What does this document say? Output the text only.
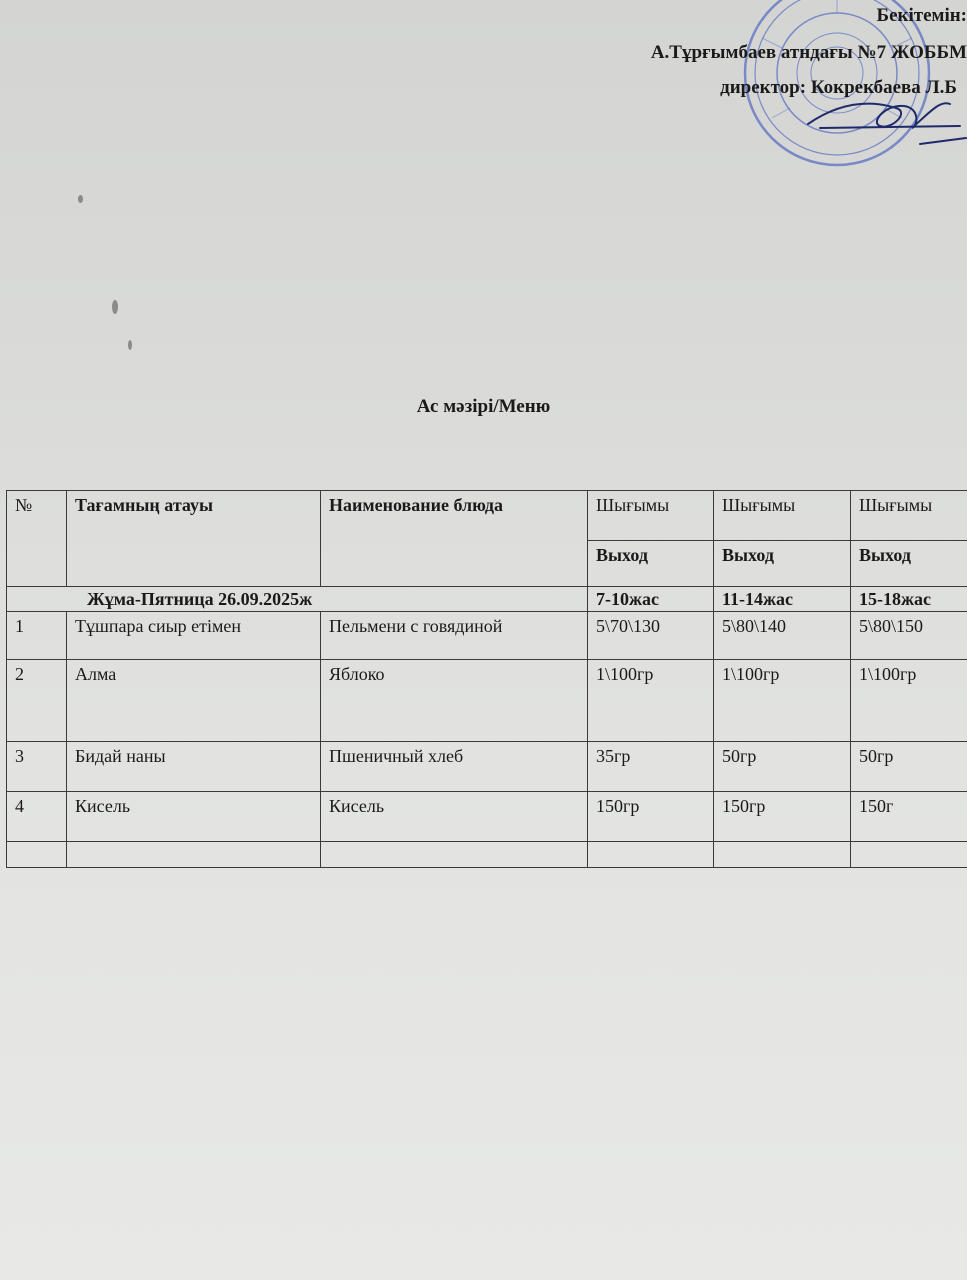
Бекітемін:
А.Тұрғымбаев атндағы №7 ЖОББМ
директор: Кокрекбаева Л.Б
Ас мәзірі/Меню
№	Тағамның атауы	Наименование блюда	Шығымы	Шығымы	Шығымы
			Выход	Выход	Выход
Жұма-Пятница 26.09.2025ж			7-10жас	11-14жас	15-18жас
1	Тұшпара сиыр етімен	Пельмени с говядиной	5\70\130	5\80\140	5\80\150
2	Алма	Яблоко	1\100гр	1\100гр	1\100гр
3	Бидай наны	Пшеничный хлеб	35гр	50гр	50гр
4	Кисель	Кисель	150гр	150гр	150г
